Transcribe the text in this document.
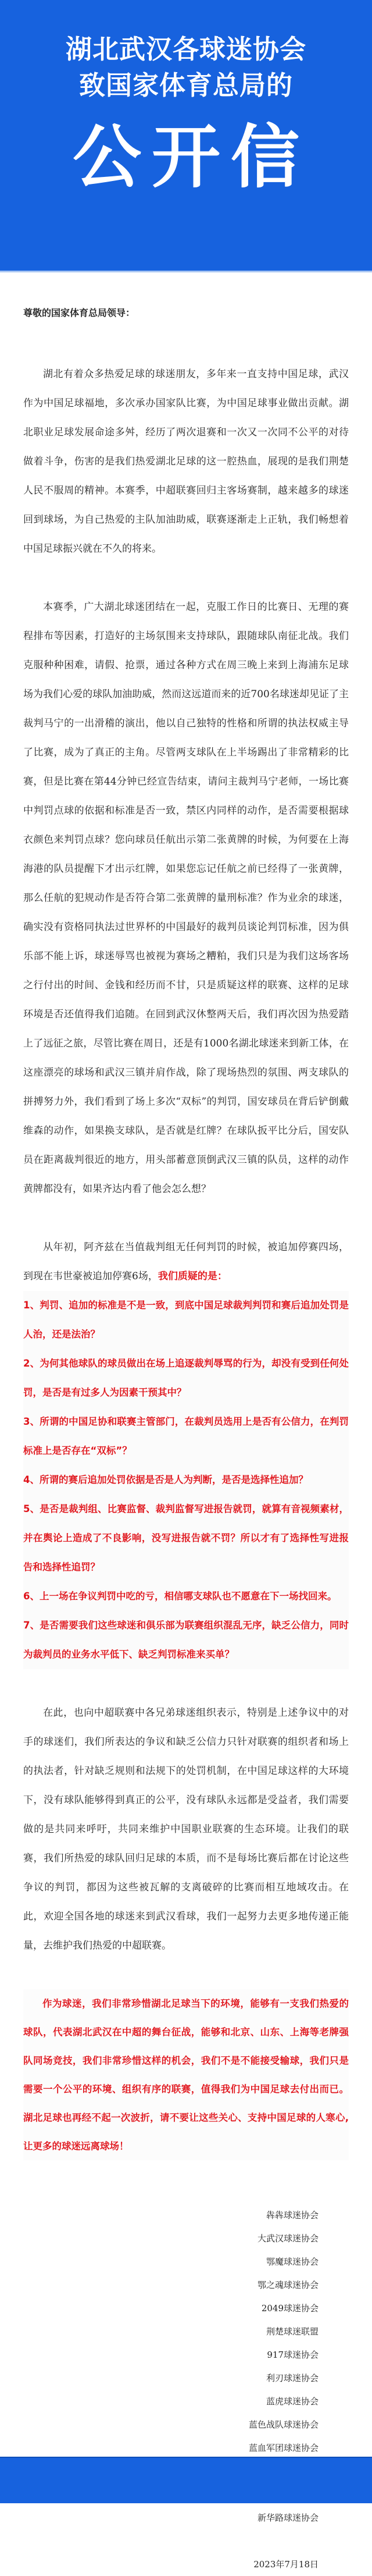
湖北武汉各球迷协会
致国家体育总局的
公开信
尊敬的国家体育总局领导：

湖北有着众多热爱足球的球迷朋友，多年来一直支持中国足球，武汉作为中国足球福地，多次承办国家队比赛，为中国足球事业做出贡献。湖北职业足球发展命途多舛，经历了两次退赛和一次又一次同不公平的对待做着斗争，伤害的是我们热爱湖北足球的这一腔热血，展现的是我们荆楚人民不服周的精神。本赛季，中超联赛回归主客场赛制，越来越多的球迷回到球场，为自己热爱的主队加油助威，联赛逐渐走上正轨，我们畅想着中国足球振兴就在不久的将来。

本赛季，广大湖北球迷团结在一起，克服工作日的比赛日、无理的赛程排布等因素，打造好的主场氛围来支持球队，跟随球队南征北战。我们克服种种困难，请假、抢票，通过各种方式在周三晚上来到上海浦东足球场为我们心爱的球队加油助威，然而这远道而来的近700名球迷却见证了主裁判马宁的一出滑稽的演出，他以自己独特的性格和所谓的执法权威主导了比赛，成为了真正的主角。尽管两支球队在上半场踢出了非常精彩的比赛，但是比赛在第44分钟已经宣告结束，请问主裁判马宁老师，一场比赛中判罚点球的依据和标准是否一致，禁区内同样的动作，是否需要根据球衣颜色来判罚点球？您向球员任航出示第二张黄牌的时候，为何要在上海海港的队员提醒下才出示红牌，如果您忘记任航之前已经得了一张黄牌，那么任航的犯规动作是否符合第二张黄牌的量刑标准？作为业余的球迷，确实没有资格同执法过世界杯的中国最好的裁判员谈论判罚标准，因为俱乐部不能上诉，球迷辱骂也被视为赛场之糟粕，我们只是为我们这场客场之行付出的时间、金钱和经历而不甘，只是质疑这样的联赛、这样的足球环境是否还值得我们追随。在回到武汉休整两天后，我们再次因为热爱踏上了远征之旅，尽管比赛在周日，还是有1000名湖北球迷来到新工体，在这座漂亮的球场和武汉三镇并肩作战，除了现场热烈的氛围、两支球队的拼搏努力外，我们看到了场上多次“双标”的判罚，国安球员在背后铲倒戴维森的动作，如果换支球队，是否就是红牌？在球队扳平比分后，国安队员在距离裁判很近的地方，用头部蓄意顶倒武汉三镇的队员，这样的动作黄牌都没有，如果齐达内看了他会怎么想？

从年初，阿齐兹在当值裁判组无任何判罚的时候，被追加停赛四场，到现在韦世豪被追加停赛6场，我们质疑的是：

1、判罚、追加的标准是不是一致，到底中国足球裁判判罚和赛后追加处罚是人治，还是法治？
2、为何其他球队的球员做出在场上追逐裁判辱骂的行为，却没有受到任何处罚，是否是有过多人为因素干预其中？
3、所谓的中国足协和联赛主管部门，在裁判员选用上是否有公信力，在判罚标准上是否存在“双标”？
4、所谓的赛后追加处罚依据是否是人为判断，是否是选择性追加？
5、是否是裁判组、比赛监督、裁判监督写进报告就罚，就算有音视频素材，并在舆论上造成了不良影响，没写进报告就不罚？所以才有了选择性写进报告和选择性追罚？
6、上一场在争议判罚中吃的亏，相信哪支球队也不愿意在下一场找回来。
7、是否需要我们这些球迷和俱乐部为联赛组织混乱无序，缺乏公信力，同时为裁判员的业务水平低下、缺乏判罚标准来买单？

在此，也向中超联赛中各兄弟球迷组织表示，特别是上述争议中的对手的球迷们，我们所表达的争议和缺乏公信力只针对联赛的组织者和场上的执法者，针对缺乏规则和法规下的处罚机制，在中国足球这样的大环境下，没有球队能够得到真正的公平，没有球队永远都是受益者，我们需要做的是共同来呼吁，共同来维护中国职业联赛的生态环境。让我们的联赛，我们所热爱的球队回归足球的本质，而不是每场比赛后都在讨论这些争议的判罚，都因为这些被瓦解的支离破碎的比赛而相互地域攻击。在此，欢迎全国各地的球迷来到武汉看球，我们一起努力去更多地传递正能量，去维护我们热爱的中超联赛。

作为球迷，我们非常珍惜湖北足球当下的环境，能够有一支我们热爱的球队，代表湖北武汉在中超的舞台征战，能够和北京、山东、上海等老牌强队同场竞技，我们非常珍惜这样的机会，我们不是不能接受输球，我们只是需要一个公平的环境、组织有序的联赛，值得我们为中国足球去付出而已。湖北足球也再经不起一次波折，请不要让这些关心、支持中国足球的人寒心,让更多的球迷远离球场！

犇犇球迷协会
大武汉球迷协会
鄂魔球迷协会
鄂之魂球迷协会
2049球迷协会
荆楚球迷联盟
917球迷协会
利刃球迷协会
蓝虎球迷协会
蓝色战队球迷协会
蓝血军团球迷协会
新华路球迷协会
2023年7月18日
